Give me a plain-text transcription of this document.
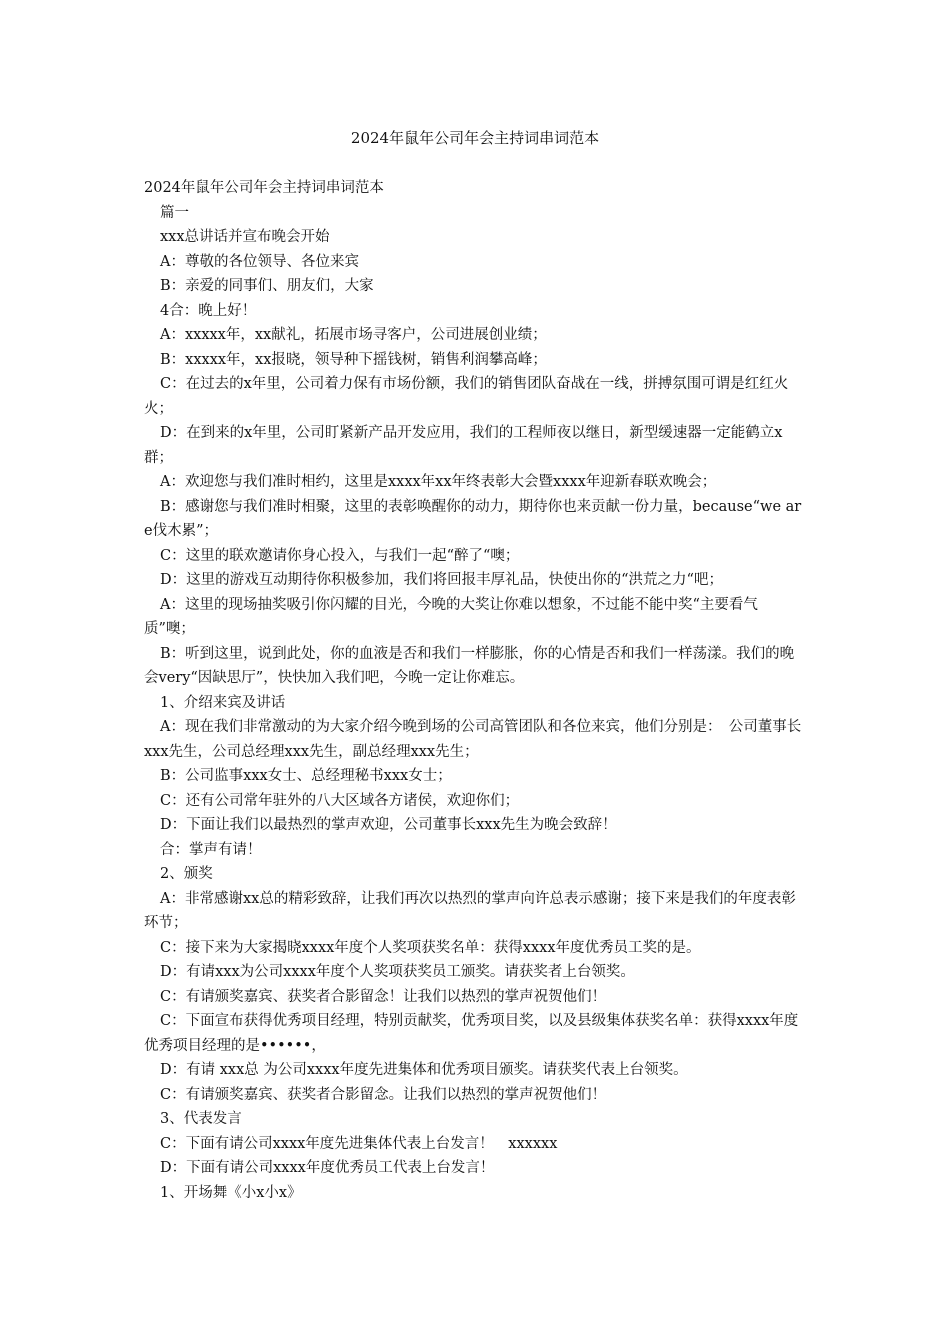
2024年鼠年公司年会主持词串词范本

2024年鼠年公司年会主持词串词范本

篇一

xxx总讲话并宣布晚会开始

A：尊敬的各位领导、各位来宾

B：亲爱的同事们、朋友们，大家

4合：晚上好！

A：xxxxx年，xx献礼，拓展市场寻客户，公司进展创业绩；

B：xxxxx年，xx报晓，领导种下摇钱树，销售利润攀高峰；

C：在过去的x年里，公司着力保有市场份额，我们的销售团队奋战在一线，拼搏氛围可谓是红红火火；

D：在到来的x年里，公司盯紧新产品开发应用，我们的工程师夜以继日，新型缓速器一定能鹤立x群；

A：欢迎您与我们准时相约，这里是xxxx年xx年终表彰大会暨xxxx年迎新春联欢晚会；

B：感谢您与我们准时相聚，这里的表彰唤醒你的动力，期待你也来贡献一份力量，because“we are伐木累”；

C：这里的联欢邀请你身心投入，与我们一起“醉了“噢；

D：这里的游戏互动期待你积极参加，我们将回报丰厚礼品，快使出你的“洪荒之力“吧；

A：这里的现场抽奖吸引你闪耀的目光，今晚的大奖让你难以想象，不过能不能中奖“主要看气质”噢；

B：听到这里，说到此处，你的血液是否和我们一样膨胀，你的心情是否和我们一样荡漾。我们的晚会very“因缺思厅”，快快加入我们吧，今晚一定让你难忘。

1、介绍来宾及讲话

A：现在我们非常激动的为大家介绍今晚到场的公司高管团队和各位来宾，他们分别是：　公司董事长xxx先生，公司总经理xxx先生，副总经理xxx先生；

B：公司监事xxx女士、总经理秘书xxx女士；

C：还有公司常年驻外的八大区域各方诸侯，欢迎你们；

D：下面让我们以最热烈的掌声欢迎，公司董事长xxx先生为晚会致辞！

合：掌声有请！

2、颁奖

A：非常感谢xx总的精彩致辞，让我们再次以热烈的掌声向许总表示感谢；接下来是我们的年度表彰环节；

C：接下来为大家揭晓xxxx年度个人奖项获奖名单：获得xxxx年度优秀员工奖的是。

D：有请xxx为公司xxxx年度个人奖项获奖员工颁奖。请获奖者上台领奖。

C：有请颁奖嘉宾、获奖者合影留念！让我们以热烈的掌声祝贺他们！

C：下面宣布获得优秀项目经理，特别贡献奖，优秀项目奖，以及县级集体获奖名单：获得xxxx年度优秀项目经理的是••••••，

D：有请 xxx总 为公司xxxx年度先进集体和优秀项目颁奖。请获奖代表上台领奖。

C：有请颁奖嘉宾、获奖者合影留念。让我们以热烈的掌声祝贺他们！

3、代表发言

C：下面有请公司xxxx年度先进集体代表上台发言！　xxxxxx

D：下面有请公司xxxx年度优秀员工代表上台发言！

1、开场舞《小x小x》
